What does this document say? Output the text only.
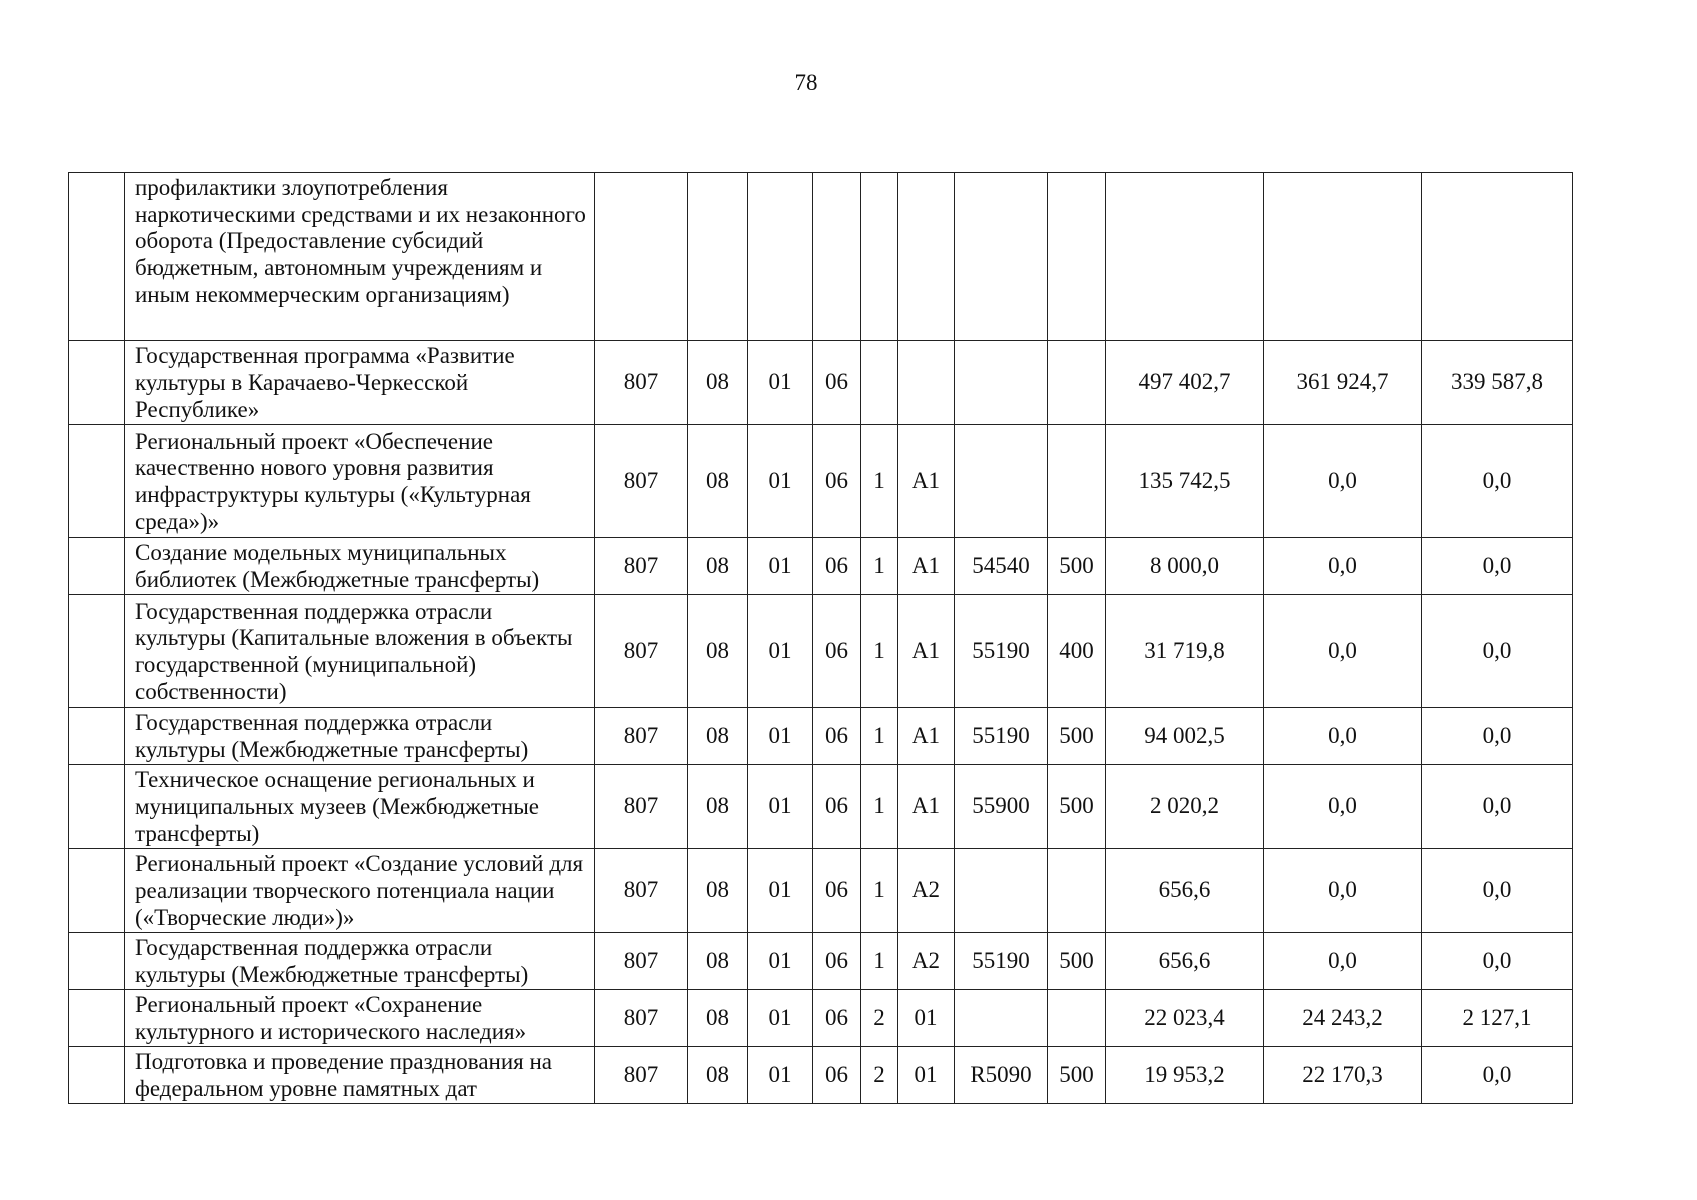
78
	профилактики злоупотребления наркотическими средствами и их незаконного оборота (Предоставление субсидий бюджетным, автономным учреждениям и иным некоммерческим организациям)											
	Государственная программа «Развитие культуры в Карачаево-Черкесской Республике»	807	08	01	06					497 402,7	361 924,7	339 587,8
	Региональный проект «Обеспечение качественно нового уровня развития инфраструктуры культуры («Культурная среда»)»	807	08	01	06	1	А1			135 742,5	0,0	0,0
	Создание модельных муниципальных библиотек (Межбюджетные трансферты)	807	08	01	06	1	А1	54540	500	8 000,0	0,0	0,0
	Государственная поддержка отрасли культуры (Капитальные вложения в объекты государственной (муниципальной) собственности)	807	08	01	06	1	А1	55190	400	31 719,8	0,0	0,0
	Государственная поддержка отрасли культуры (Межбюджетные трансферты)	807	08	01	06	1	А1	55190	500	94 002,5	0,0	0,0
	Техническое оснащение региональных и муниципальных музеев (Межбюджетные трансферты)	807	08	01	06	1	А1	55900	500	2 020,2	0,0	0,0
	Региональный проект «Создание условий для реализации творческого потенциала нации («Творческие люди»)»	807	08	01	06	1	А2			656,6	0,0	0,0
	Государственная поддержка отрасли культуры (Межбюджетные трансферты)	807	08	01	06	1	А2	55190	500	656,6	0,0	0,0
	Региональный проект «Сохранение культурного и исторического наследия»	807	08	01	06	2	01			22 023,4	24 243,2	2 127,1
	Подготовка и проведение празднования на федеральном уровне памятных дат	807	08	01	06	2	01	R5090	500	19 953,2	22 170,3	0,0
